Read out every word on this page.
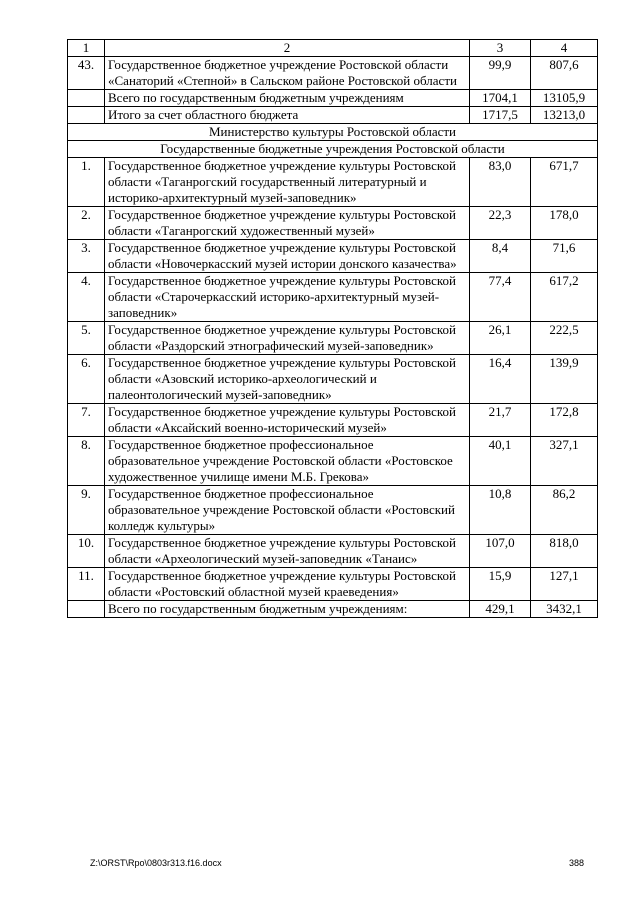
1	2	3	4
43.	Государственное бюджетное учреждение Ростовской области «Санаторий «Степной» в Сальском районе Ростовской области	99,9	807,6
	Всего по государственным бюджетным учреждениям	1704,1	13105,9
	Итого за счет областного бюджета	1717,5	13213,0
Министерство культуры Ростовской области			
Государственные бюджетные учреждения Ростовской области			
1.	Государственное бюджетное учреждение культуры Ростовской области «Таганрогский государственный литературный и историко-архитектурный музей-заповедник»	83,0	671,7
2.	Государственное бюджетное учреждение культуры Ростовской области «Таганрогский художественный музей»	22,3	178,0
3.	Государственное бюджетное учреждение культуры Ростовской области «Новочеркасский музей истории донского казачества»	8,4	71,6
4.	Государственное бюджетное учреждение культуры Ростовской области «Старочеркасский историко-архитектурный музей-заповедник»	77,4	617,2
5.	Государственное бюджетное учреждение культуры Ростовской области «Раздорский этнографический музей-заповедник»	26,1	222,5
6.	Государственное бюджетное учреждение культуры Ростовской области «Азовский историко-археологический и палеонтологический музей-заповедник»	16,4	139,9
7.	Государственное бюджетное учреждение культуры Ростовской области «Аксайский военно-исторический музей»	21,7	172,8
8.	Государственное бюджетное профессиональное образовательное учреждение Ростовской области «Ростовское художественное училище имени М.Б. Грекова»	40,1	327,1
9.	Государственное бюджетное профессиональное образовательное учреждение Ростовской области «Ростовский колледж культуры»	10,8	86,2
10.	Государственное бюджетное учреждение культуры Ростовской области «Археологический музей-заповедник «Танаис»	107,0	818,0
11.	Государственное бюджетное учреждение культуры Ростовской области «Ростовский областной музей краеведения»	15,9	127,1
	Всего по государственным бюджетным учреждениям:	429,1	3432,1
Z:\ORST\Rpo\0803r313.f16.docx	388
